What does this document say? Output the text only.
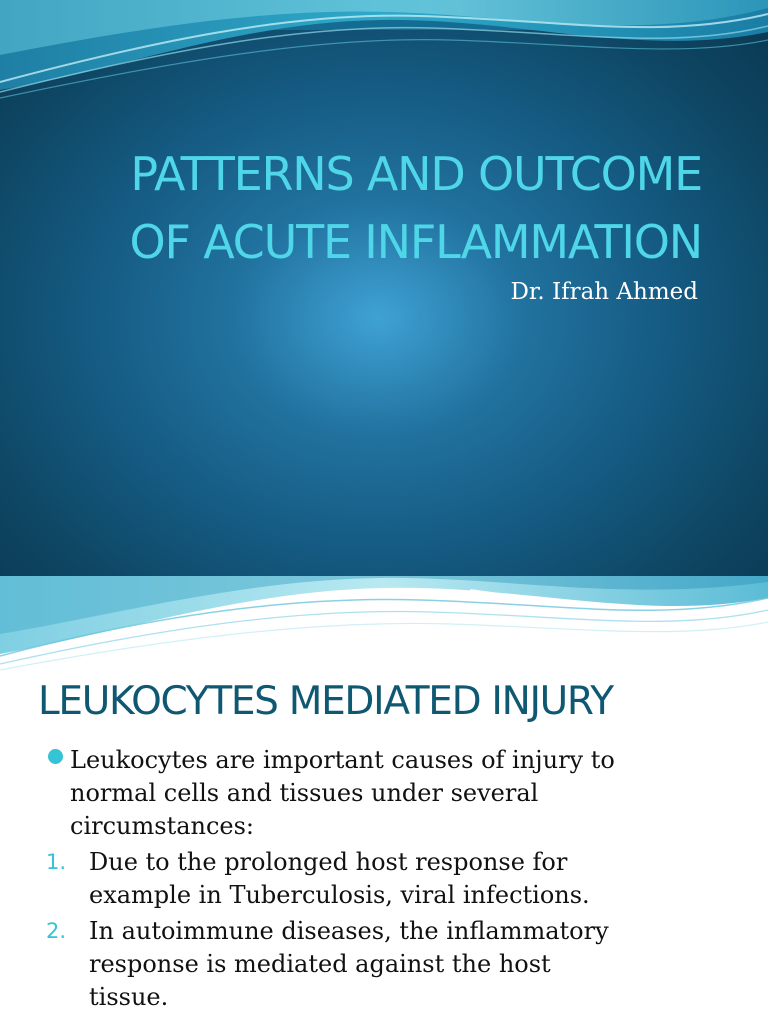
PATTERNS AND OUTCOME
OF ACUTE INFLAMMATION
Dr. Ifrah Ahmed
LEUKOCYTES MEDIATED INJURY
Leukocytes are important causes of injury to
normal cells and tissues under several
circumstances:
1. Due to the prolonged host response for
example in Tuberculosis, viral infections.
2. In autoimmune diseases, the inflammatory
response is mediated against the host
tissue.
